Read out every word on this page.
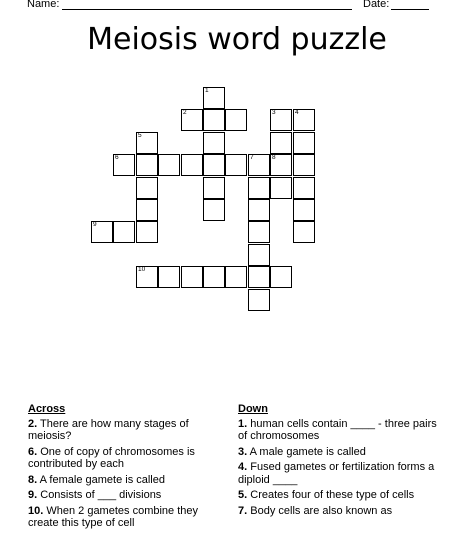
Name:	Date:
Meiosis word puzzle
1
2	3	4
5
6	7	8
9
10
Across
2. There are how many stages of meiosis?
6. One of copy of chromosomes is contributed by each
8. A female gamete is called
9. Consists of ___ divisions
10. When 2 gametes combine they create this type of cell
Down
1. human cells contain ____ - three pairs of chromosomes
3. A male gamete is called
4. Fused gametes or fertilization forms a diploid ____
5. Creates four of these type of cells
7. Body cells are also known as
